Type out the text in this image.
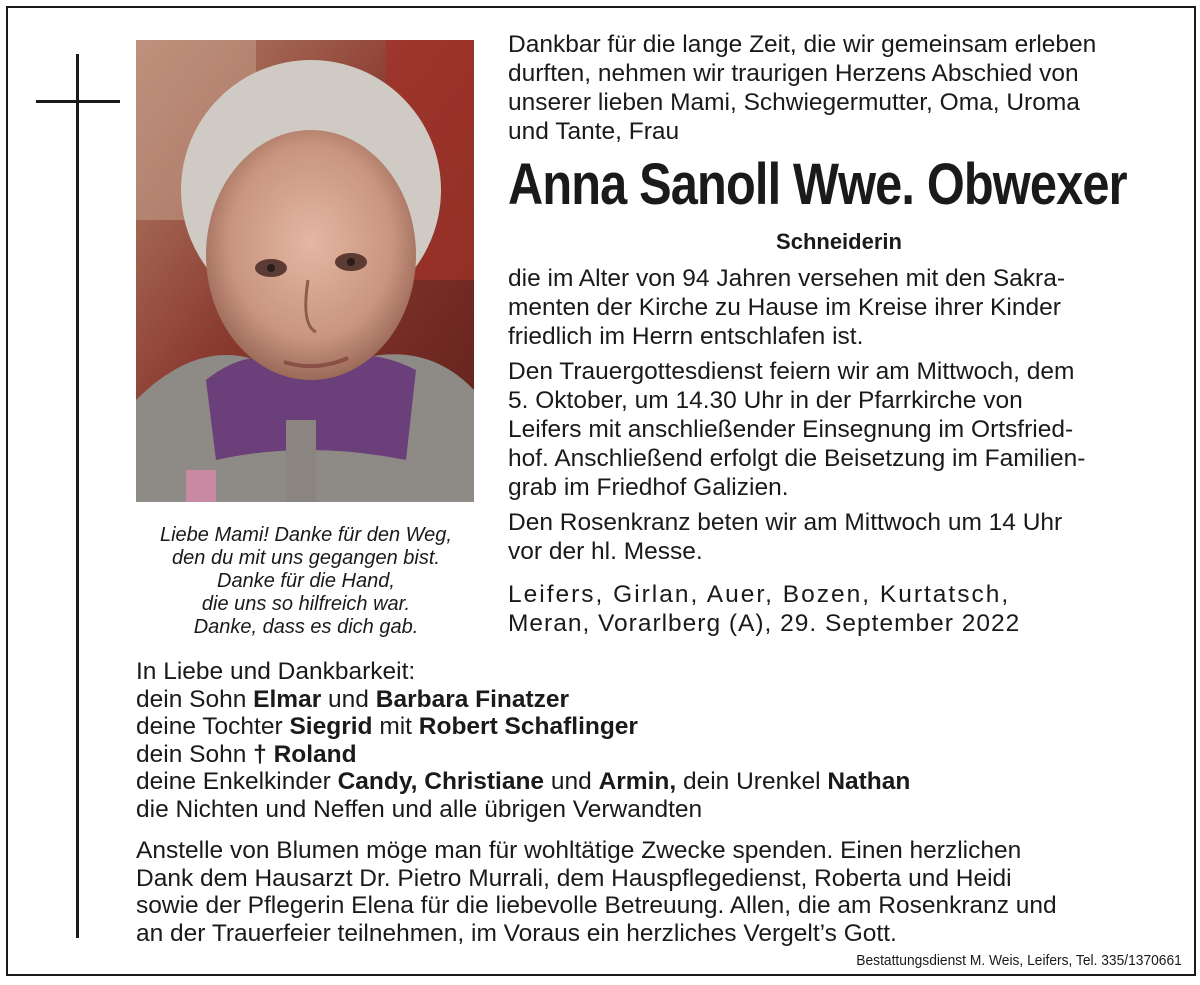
Liebe Mami! Danke für den Weg,
den du mit uns gegangen bist.
Danke für die Hand,
die uns so hilfreich war.
Danke, dass es dich gab.
Dankbar für die lange Zeit, die wir gemeinsam erleben
durften, nehmen wir traurigen Herzens Abschied von
unserer lieben Mami, Schwiegermutter, Oma, Uroma
und Tante, Frau
Anna Sanoll Wwe. Obwexer
Schneiderin
die im Alter von 94 Jahren versehen mit den Sakra-
menten der Kirche zu Hause im Kreise ihrer Kinder
friedlich im Herrn entschlafen ist.
Den Trauergottesdienst feiern wir am Mittwoch, dem
5. Oktober, um 14.30 Uhr in der Pfarrkirche von
Leifers mit anschließender Einsegnung im Ortsfried-
hof. Anschließend erfolgt die Beisetzung im Familien-
grab im Friedhof Galizien.
Den Rosenkranz beten wir am Mittwoch um 14 Uhr
vor der hl. Messe.
Leifers, Girlan, Auer, Bozen, Kurtatsch,
Meran, Vorarlberg (A), 29. September 2022
In Liebe und Dankbarkeit:
dein Sohn Elmar und Barbara Finatzer
deine Tochter Siegrid mit Robert Schaflinger
dein Sohn † Roland
deine Enkelkinder Candy, Christiane und Armin, dein Urenkel Nathan
die Nichten und Neffen und alle übrigen Verwandten
Anstelle von Blumen möge man für wohltätige Zwecke spenden. Einen herzlichen
Dank dem Hausarzt Dr. Pietro Murrali, dem Hauspflegedienst, Roberta und Heidi
sowie der Pflegerin Elena für die liebevolle Betreuung. Allen, die am Rosenkranz und
an der Trauerfeier teilnehmen, im Voraus ein herzliches Vergelt’s Gott.
Bestattungsdienst M. Weis, Leifers, Tel. 335/1370661
